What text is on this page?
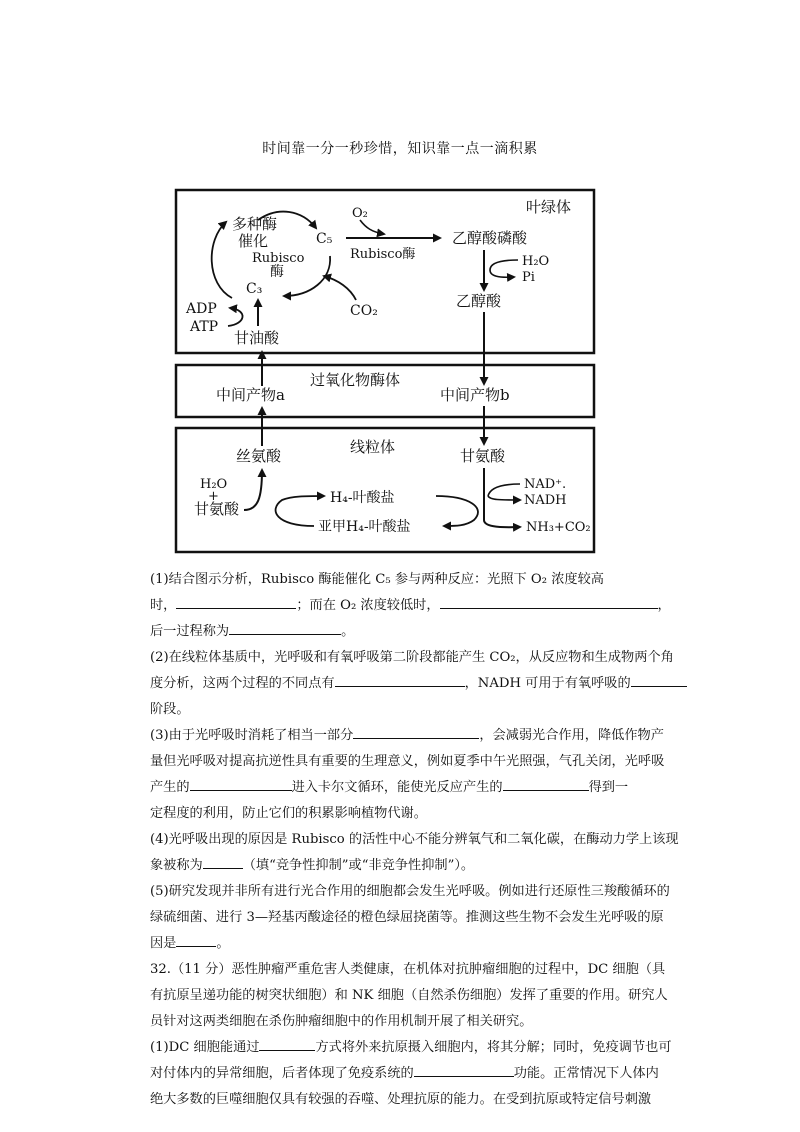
时间靠一分一秒珍惜，知识靠一点一滴积累
叶绿体
过氧化物酶体
线粒体
多种酶
催化	C₅
Rubisco
酶
C₃
CO₂
ADP
ATP
甘油酸
O₂
Rubisco酶
乙醇酸磷酸
H₂O
Pi
乙醇酸
中间产物b
甘氨酸
中间产物a
丝氨酸
H₂O
+
甘氨酸
H₄-叶酸盐
亚甲H₄-叶酸盐
NAD⁺.
NADH
NH₃+CO₂
(1)结合图示分析，Rubisco 酶能催化 C₅ 参与两种反应：光照下 O₂ 浓度较高
时，	；而在 O₂ 浓度较低时，	，
后一过程称为	。
(2)在线粒体基质中，光呼吸和有氧呼吸第二阶段都能产生 CO₂，从反应物和生成物两个角
度分析，这两个过程的不同点有	，NADH 可用于有氧呼吸的
阶段。
(3)由于光呼吸时消耗了相当一部分	，会减弱光合作用，降低作物产
量但光呼吸对提高抗逆性具有重要的生理意义，例如夏季中午光照强，气孔关闭，光呼吸
产生的	进入卡尔文循环，能使光反应产生的	得到一
定程度的利用，防止它们的积累影响植物代谢。
(4)光呼吸出现的原因是 Rubisco 的活性中心不能分辨氧气和二氧化碳，在酶动力学上该现
象被称为	（填“竞争性抑制”或“非竞争性抑制”）。
(5)研究发现并非所有进行光合作用的细胞都会发生光呼吸。例如进行还原性三羧酸循环的
绿硫细菌、进行 3—羟基丙酸途径的橙色绿屈挠菌等。推测这些生物不会发生光呼吸的原
因是	。
32.（11 分）恶性肿瘤严重危害人类健康，在机体对抗肿瘤细胞的过程中，DC 细胞（具
有抗原呈递功能的树突状细胞）和 NK 细胞（自然杀伤细胞）发挥了重要的作用。研究人
员针对这两类细胞在杀伤肿瘤细胞中的作用机制开展了相关研究。
(1)DC 细胞能通过	方式将外来抗原摄入细胞内，将其分解；同时，免疫调节也可
对付体内的异常细胞，后者体现了免疫系统的	功能。正常情况下人体内
绝大多数的巨噬细胞仅具有较强的吞噬、处理抗原的能力。在受到抗原或特定信号刺激
